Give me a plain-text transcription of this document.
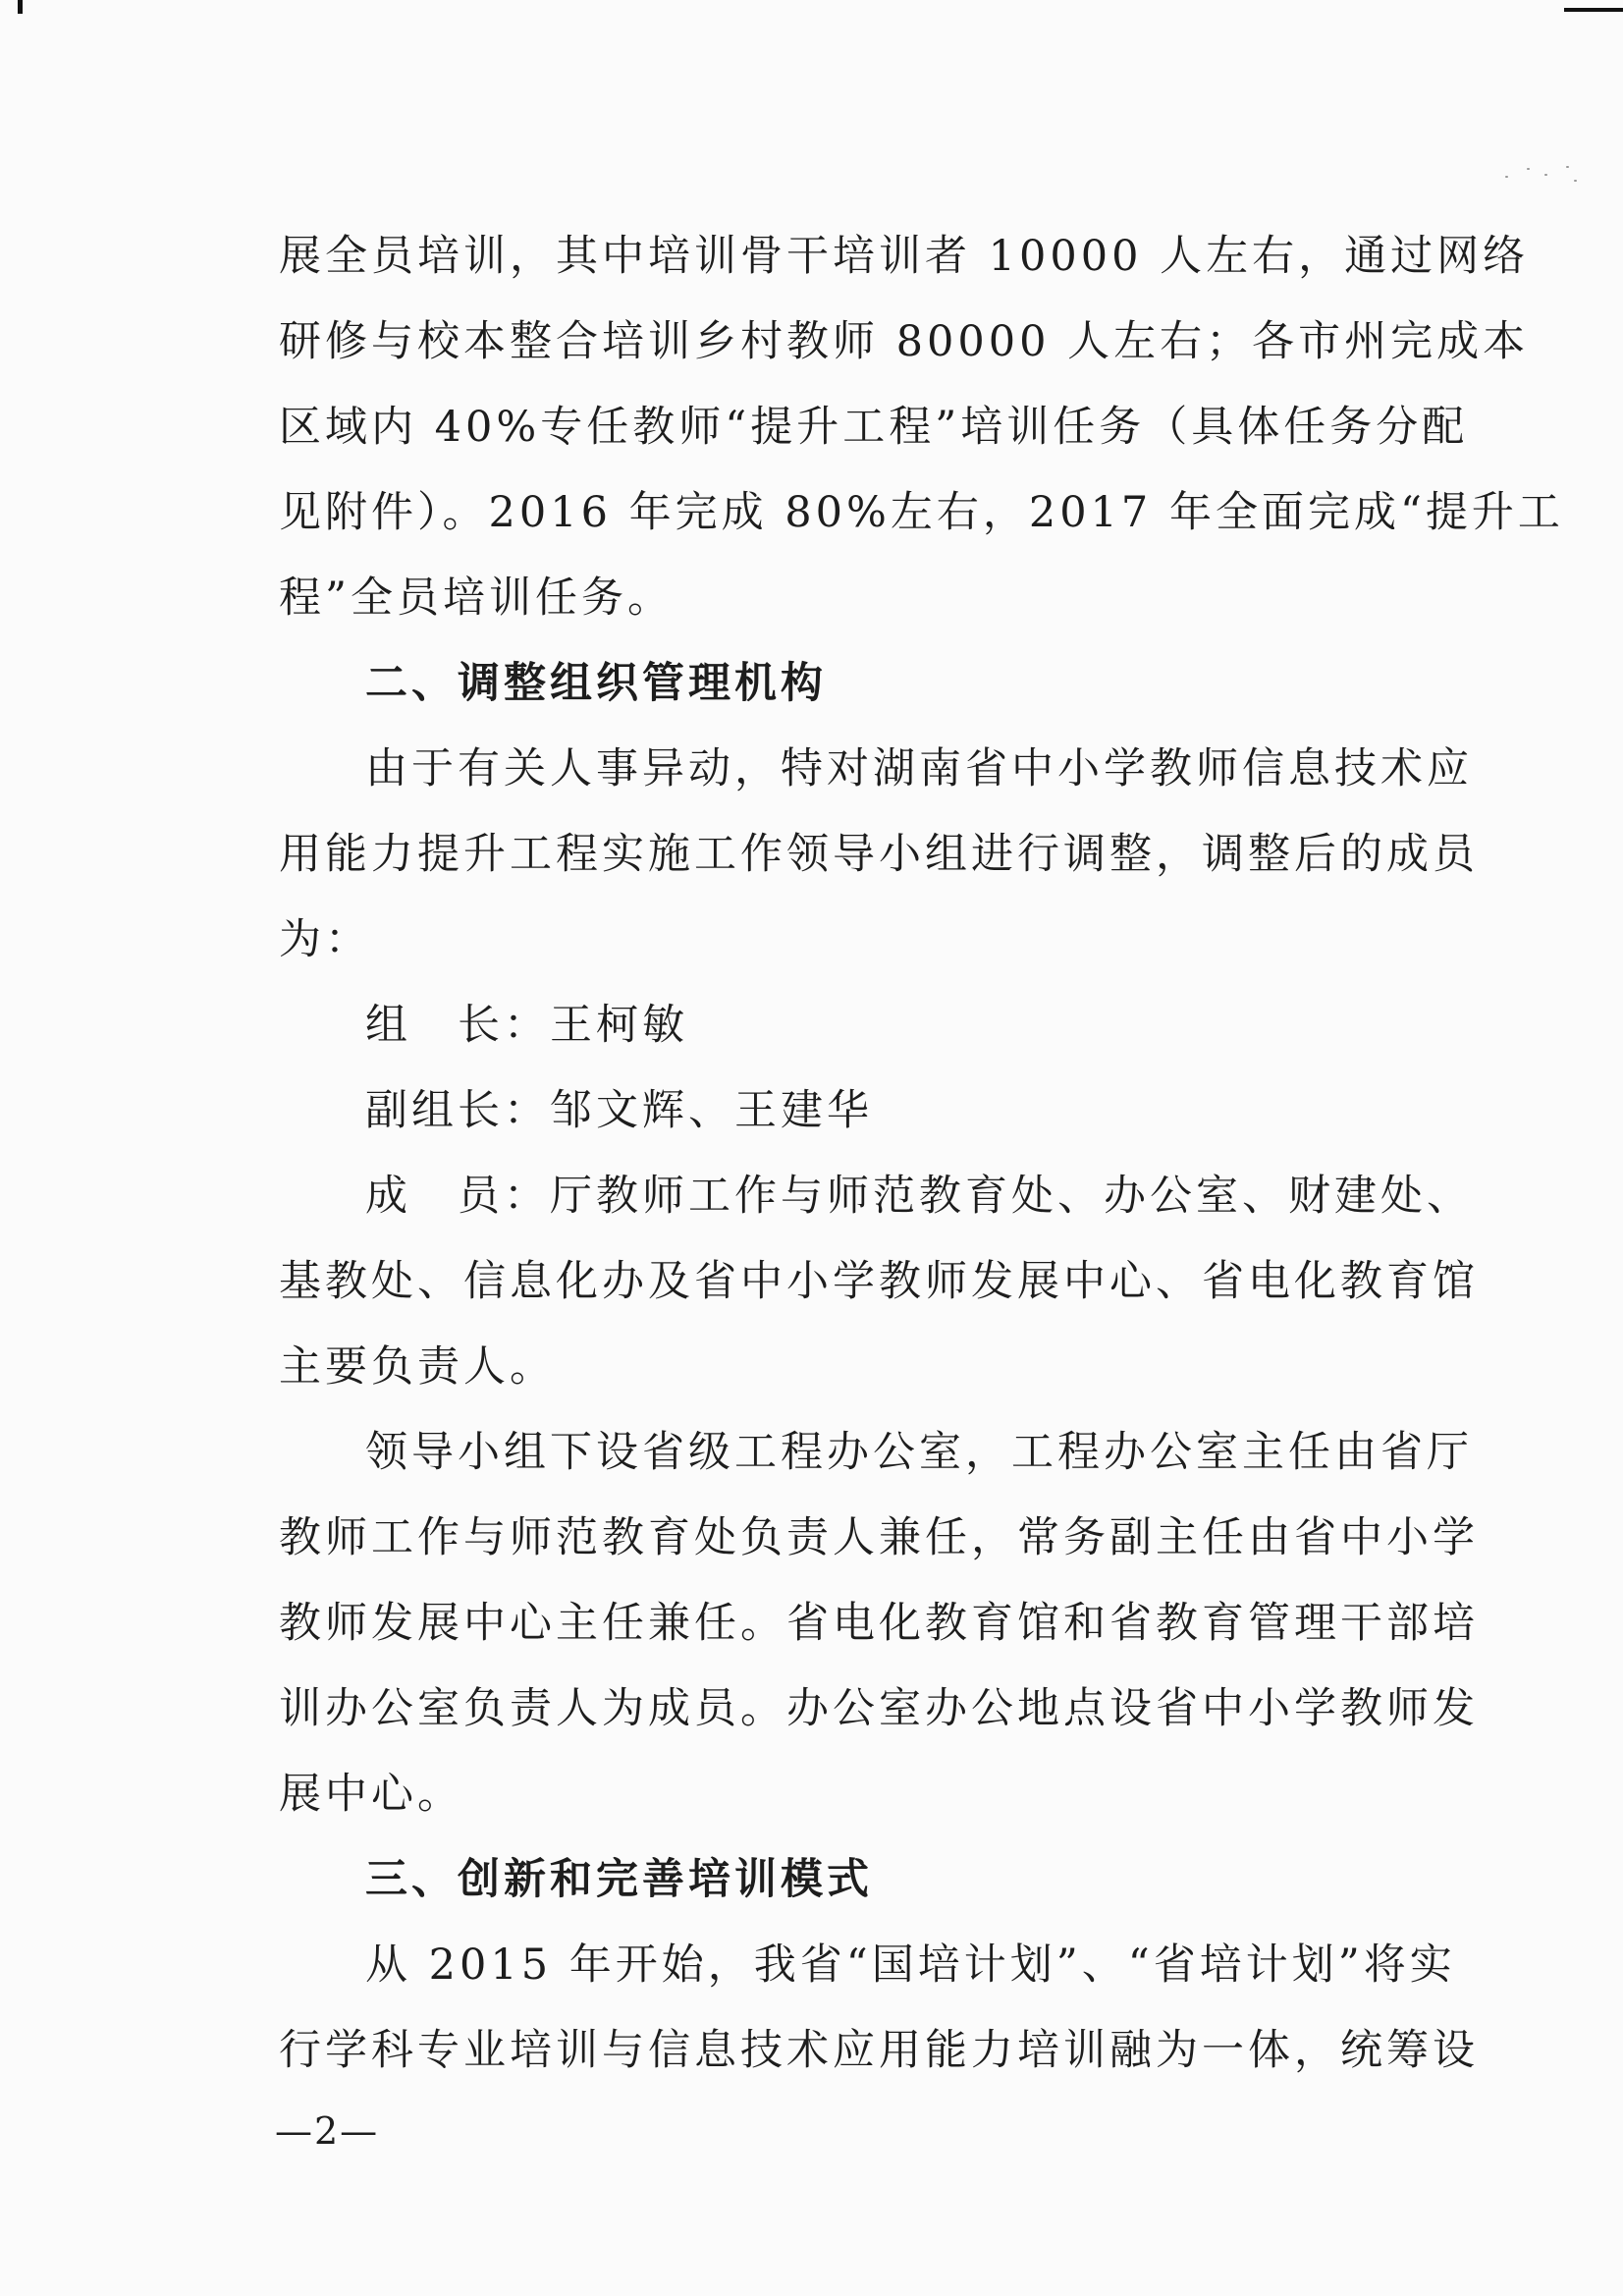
展全员培训，其中培训骨干培训者 10000 人左右，通过网络
研修与校本整合培训乡村教师 80000 人左右；各市州完成本
区域内 40%专任教师“提升工程”培训任务（具体任务分配
见附件）。2016 年完成 80%左右，2017 年全面完成“提升工
程”全员培训任务。
二、调整组织管理机构
由于有关人事异动，特对湖南省中小学教师信息技术应
用能力提升工程实施工作领导小组进行调整，调整后的成员
为：
组　长：王柯敏
副组长：邹文辉、王建华
成　员：厅教师工作与师范教育处、办公室、财建处、
基教处、信息化办及省中小学教师发展中心、省电化教育馆
主要负责人。
领导小组下设省级工程办公室，工程办公室主任由省厅
教师工作与师范教育处负责人兼任，常务副主任由省中小学
教师发展中心主任兼任。省电化教育馆和省教育管理干部培
训办公室负责人为成员。办公室办公地点设省中小学教师发
展中心。
三、创新和完善培训模式
从 2015 年开始，我省“国培计划”、“省培计划”将实
行学科专业培训与信息技术应用能力培训融为一体，统筹设
—2—
